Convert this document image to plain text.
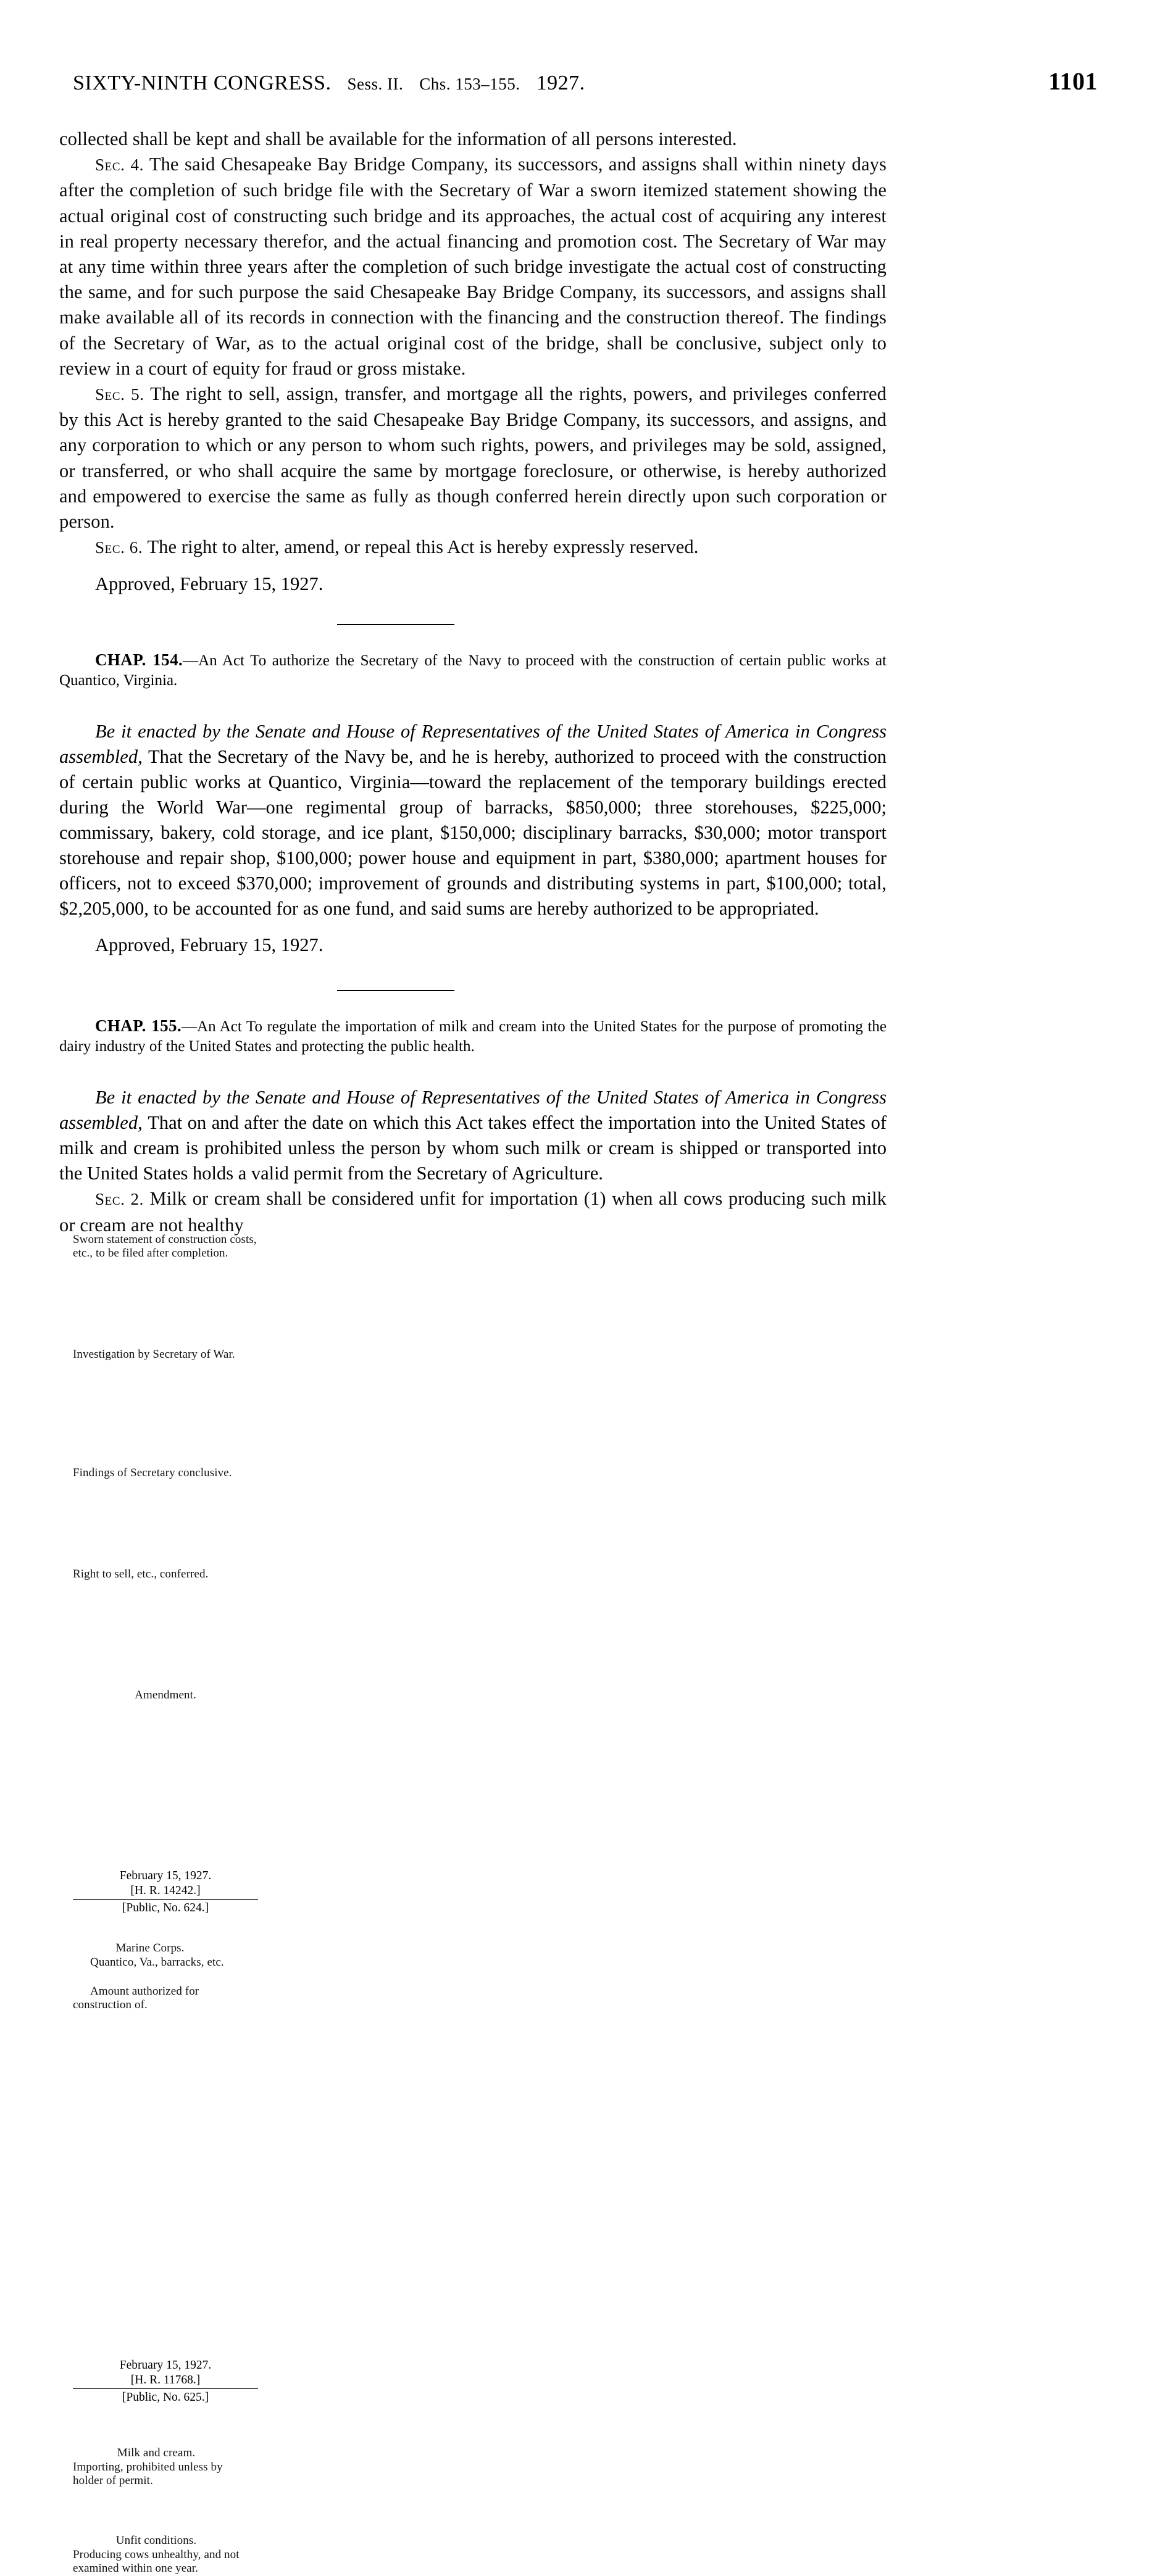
SIXTY-NINTH CONGRESS. Sess. II. Chs. 153–155. 1927.	1101

collected shall be kept and shall be available for the information of all persons interested.

Sec. 4. The said Chesapeake Bay Bridge Company, its successors, and assigns shall within ninety days after the completion of such bridge file with the Secretary of War a sworn itemized statement showing the actual original cost of constructing such bridge and its approaches, the actual cost of acquiring any interest in real property necessary therefor, and the actual financing and promotion cost. The Secretary of War may at any time within three years after the completion of such bridge investigate the actual cost of constructing the same, and for such purpose the said Chesapeake Bay Bridge Company, its successors, and assigns shall make available all of its records in connection with the financing and the construction thereof. The findings of the Secretary of War, as to the actual original cost of the bridge, shall be conclusive, subject only to review in a court of equity for fraud or gross mistake.

Sec. 5. The right to sell, assign, transfer, and mortgage all the rights, powers, and privileges conferred by this Act is hereby granted to the said Chesapeake Bay Bridge Company, its successors, and assigns, and any corporation to which or any person to whom such rights, powers, and privileges may be sold, assigned, or transferred, or who shall acquire the same by mortgage foreclosure, or otherwise, is hereby authorized and empowered to exercise the same as fully as though conferred herein directly upon such corporation or person.

Sec. 6. The right to alter, amend, or repeal this Act is hereby expressly reserved.

Approved, February 15, 1927.

CHAP. 154.—An Act To authorize the Secretary of the Navy to proceed with the construction of certain public works at Quantico, Virginia.

Be it enacted by the Senate and House of Representatives of the United States of America in Congress assembled, That the Secretary of the Navy be, and he is hereby, authorized to proceed with the construction of certain public works at Quantico, Virginia—toward the replacement of the temporary buildings erected during the World War—one regimental group of barracks, $850,000; three storehouses, $225,000; commissary, bakery, cold storage, and ice plant, $150,000; disciplinary barracks, $30,000; motor transport storehouse and repair shop, $100,000; power house and equipment in part, $380,000; apartment houses for officers, not to exceed $370,000; improvement of grounds and distributing systems in part, $100,000; total, $2,205,000, to be accounted for as one fund, and said sums are hereby authorized to be appropriated.

Approved, February 15, 1927.

CHAP. 155.—An Act To regulate the importation of milk and cream into the United States for the purpose of promoting the dairy industry of the United States and protecting the public health.

Be it enacted by the Senate and House of Representatives of the United States of America in Congress assembled, That on and after the date on which this Act takes effect the importation into the United States of milk and cream is prohibited unless the person by whom such milk or cream is shipped or transported into the United States holds a valid permit from the Secretary of Agriculture.

Sec. 2. Milk or cream shall be considered unfit for importation (1) when all cows producing such milk or cream are not healthy

Sworn statement of construction costs, etc., to be filed after completion.
Investigation by Secretary of War.
Findings of Secretary conclusive.
Right to sell, etc., conferred.
Amendment.
February 15, 1927.
[H. R. 14242.]
[Public, No. 624.]
Marine Corps.
Quantico, Va., barracks, etc.
Amount authorized for construction of.
February 15, 1927.
[H. R. 11768.]
[Public, No. 625.]
Milk and cream.
Importing, prohibited unless by holder of permit.
Unfit conditions.
Producing cows unhealthy, and not examined within one year.
